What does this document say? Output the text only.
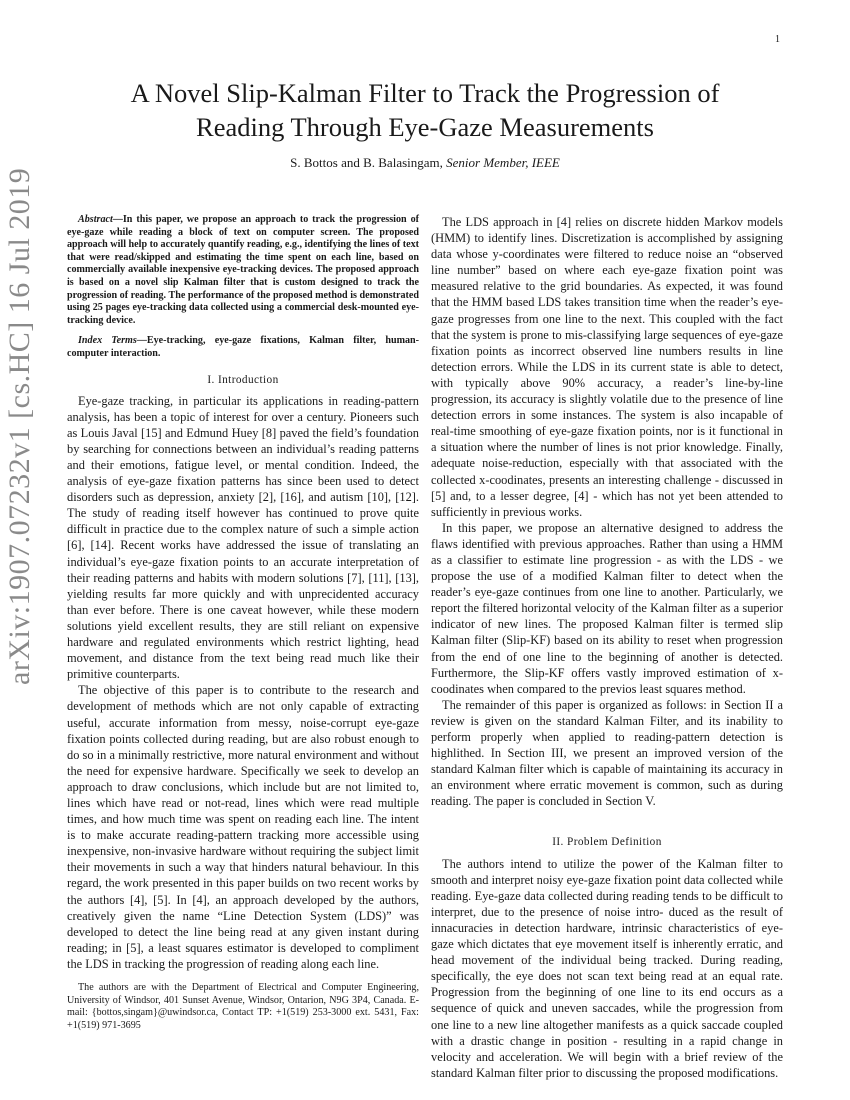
1
arXiv:1907.07232v1 [cs.HC] 16 Jul 2019
A Novel Slip-Kalman Filter to Track the Progression of
Reading Through Eye-Gaze Measurements
S. Bottos and B. Balasingam, Senior Member, IEEE

Abstract—In this paper, we propose an approach to track the progression of eye-gaze while reading a block of text on computer screen. The proposed approach will help to accurately quantify reading, e.g., identifying the lines of text that were read/skipped and estimating the time spent on each line, based on commercially available inexpensive eye-tracking devices. The proposed approach is based on a novel slip Kalman filter that is custom designed to track the progression of reading. The performance of the proposed method is demonstrated using 25 pages eye-tracking data collected using a commercial desk-mounted eye-tracking device.

Index Terms—Eye-tracking, eye-gaze fixations, Kalman filter, human-computer interaction.

I. Introduction

Eye-gaze tracking, in particular its applications in reading-pattern analysis, has been a topic of interest for over a century. Pioneers such as Louis Javal [15] and Edmund Huey [8] paved the field’s foundation by searching for connections between an individual’s reading patterns and their emotions, fatigue level, or mental condition. Indeed, the analysis of eye-gaze fixation patterns has since been used to detect disorders such as depression, anxiety [2], [16], and autism [10], [12]. The study of reading itself however has continued to prove quite difficult in practice due to the complex nature of such a simple action [6], [14]. Recent works have addressed the issue of translating an individual’s eye-gaze fixation points to an accurate interpretation of their reading patterns and habits with modern solutions [7], [11], [13], yielding results far more quickly and with unprecidented accuracy than ever before. There is one caveat however, while these modern solutions yield excellent results, they are still reliant on expensive hardware and regulated environments which restrict lighting, head movement, and distance from the text being read much like their primitive counterparts.

The objective of this paper is to contribute to the research and development of methods which are not only capable of extracting useful, accurate information from messy, noise-corrupt eye-gaze fixation points collected during reading, but are also robust enough to do so in a minimally restrictive, more natural environment and without the need for expensive hardware. Specifically we seek to develop an approach to draw conclusions, which include but are not limited to, lines which have read or not-read, lines which were read multiple times, and how much time was spent on reading each line. The intent is to make accurate reading-pattern tracking more accessible using inexpensive, non-invasive hardware without requiring the subject limit their movements in such a way that hinders natural behaviour. In this regard, the work presented in this paper builds on two recent works by the authors [4], [5]. In [4], an approach developed by the authors, creatively given the name “Line Detection System (LDS)” was developed to detect the line being read at any given instant during reading; in [5], a least squares estimator is developed to compliment the LDS in tracking the progression of reading along each line.

The authors are with the Department of Electrical and Computer Engineering, University of Windsor, 401 Sunset Avenue, Windsor, Ontarion, N9G 3P4, Canada. E-mail: {bottos,singam}@uwindsor.ca, Contact TP: +1(519) 253-3000 ext. 5431, Fax: +1(519) 971-3695

The LDS approach in [4] relies on discrete hidden Markov models (HMM) to identify lines. Discretization is accomplished by assigning data whose y-coordinates were filtered to reduce noise an “observed line number” based on where each eye-gaze fixation point was measured relative to the grid boundaries. As expected, it was found that the HMM based LDS takes transition time when the reader’s eye-gaze progresses from one line to the next. This coupled with the fact that the system is prone to mis-classifying large sequences of eye-gaze fixation points as incorrect observed line numbers results in line detection errors. While the LDS in its current state is able to detect, with typically above 90% accuracy, a reader’s line-by-line progression, its accuracy is slightly volatile due to the presence of line detection errors in some instances. The system is also incapable of real-time smoothing of eye-gaze fixation points, nor is it functional in a situation where the number of lines is not prior knowledge. Finally, adequate noise-reduction, especially with that associated with the collected x-coodinates, presents an interesting challenge - discussed in [5] and, to a lesser degree, [4] - which has not yet been attended to sufficiently in previous works.

In this paper, we propose an alternative designed to address the flaws identified with previous approaches. Rather than using a HMM as a classifier to estimate line progression - as with the LDS - we propose the use of a modified Kalman filter to detect when the reader’s eye-gaze continues from one line to another. Particularly, we report the filtered horizontal velocity of the Kalman filter as a superior indicator of new lines. The proposed Kalman filter is termed slip Kalman filter (Slip-KF) based on its ability to reset when progression from the end of one line to the beginning of another is detected. Furthermore, the Slip-KF offers vastly improved estimation of x-coodinates when compared to the previos least squares method.

The remainder of this paper is organized as follows: in Section II a review is given on the standard Kalman Filter, and its inability to perform properly when applied to reading-pattern detection is highlithed. In Section III, we present an improved version of the standard Kalman filter which is capable of maintaining its accuracy in an environment where erratic movement is common, such as during reading. The paper is concluded in Section V.

II. Problem Definition

The authors intend to utilize the power of the Kalman filter to smooth and interpret noisy eye-gaze fixation point data collected while reading. Eye-gaze data collected during reading tends to be difficult to interpret, due to the presence of noise intro- duced as the result of innacuracies in detection hardware, intrinsic characteristics of eye-gaze which dictates that eye movement itself is inherently erratic, and head movement of the individual being tracked. During reading, specifically, the eye does not scan text being read at an equal rate. Progression from the beginning of one line to its end occurs as a sequence of quick and uneven saccades, while the progression from one line to a new line altogether manifests as a quick saccade coupled with a drastic change in position - resulting in a rapid change in velocity and acceleration. We will begin with a brief review of the standard Kalman filter prior to discussing the proposed modifications.
